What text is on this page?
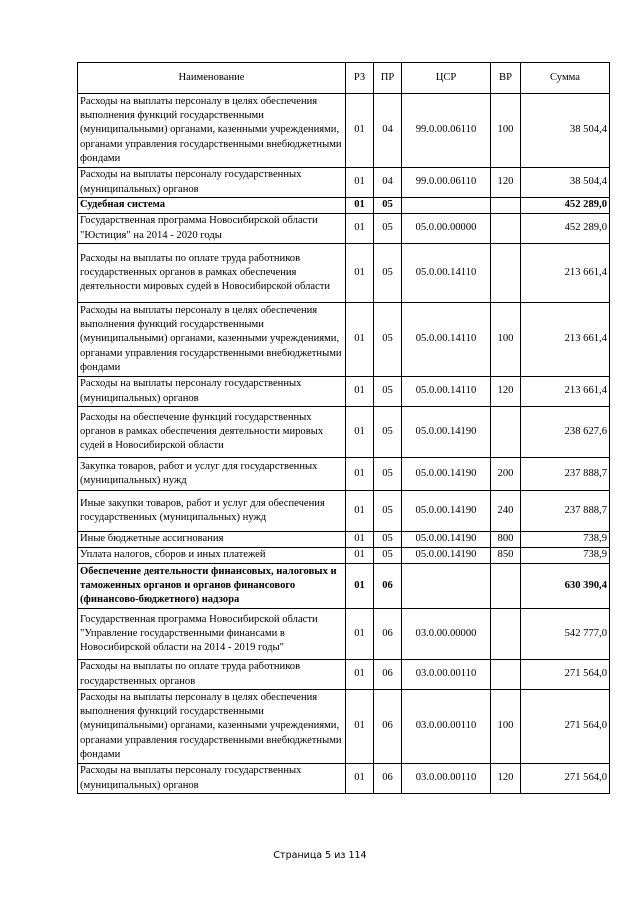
Наименование	РЗ	ПР	ЦСР	ВР	Сумма
Расходы на выплаты персоналу в целях обеспечения выполнения функций государственными (муниципальными) органами, казенными учреждениями, органами управления государственными внебюджетными фондами	01	04	99.0.00.06110	100	38 504,4
Расходы на выплаты персоналу государственных (муниципальных) органов	01	04	99.0.00.06110	120	38 504,4
Судебная система	01	05			452 289,0
Государственная программа Новосибирской области "Юстиция" на 2014 - 2020 годы	01	05	05.0.00.00000		452 289,0
Расходы на выплаты по оплате труда работников государственных органов в рамках обеспечения деятельности мировых судей в Новосибирской области	01	05	05.0.00.14110		213 661,4
Расходы на выплаты персоналу в целях обеспечения выполнения функций государственными (муниципальными) органами, казенными учреждениями, органами управления государственными внебюджетными фондами	01	05	05.0.00.14110	100	213 661,4
Расходы на выплаты персоналу государственных (муниципальных) органов	01	05	05.0.00.14110	120	213 661,4
Расходы на обеспечение функций государственных органов в рамках обеспечения деятельности мировых судей в Новосибирской области	01	05	05.0.00.14190		238 627,6
Закупка товаров, работ и услуг для государственных (муниципальных) нужд	01	05	05.0.00.14190	200	237 888,7
Иные закупки товаров, работ и услуг для обеспечения государственных (муниципальных) нужд	01	05	05.0.00.14190	240	237 888,7
Иные бюджетные ассигнования	01	05	05.0.00.14190	800	738,9
Уплата налогов, сборов и иных платежей	01	05	05.0.00.14190	850	738,9
Обеспечение деятельности финансовых, налоговых и таможенных органов и органов финансового (финансово-бюджетного) надзора	01	06			630 390,4
Государственная программа Новосибирской области "Управление государственными финансами в Новосибирской области на 2014 - 2019 годы"	01	06	03.0.00.00000		542 777,0
Расходы на выплаты по оплате труда работников государственных органов	01	06	03.0.00.00110		271 564,0
Расходы на выплаты персоналу в целях обеспечения выполнения функций государственными (муниципальными) органами, казенными учреждениями, органами управления государственными внебюджетными фондами	01	06	03.0.00.00110	100	271 564,0
Расходы на выплаты персоналу государственных (муниципальных) органов	01	06	03.0.00.00110	120	271 564,0
Страница 5 из 114
